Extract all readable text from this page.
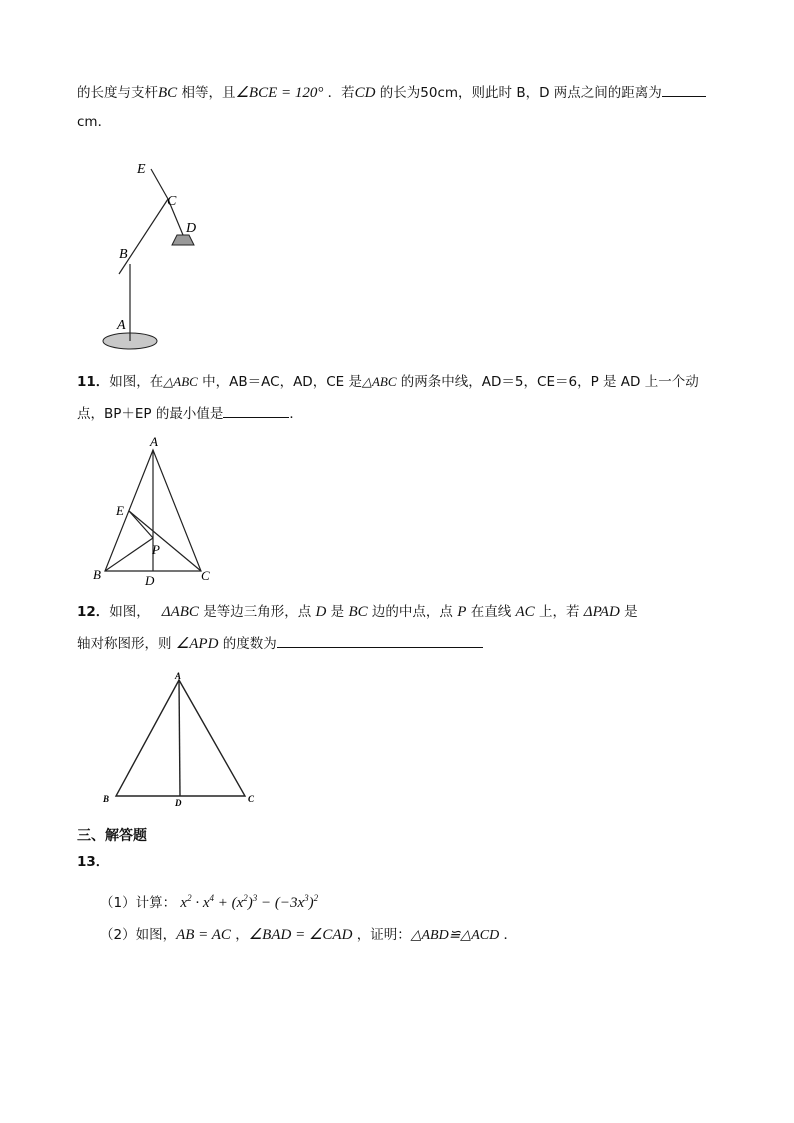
的长度与支杆BC 相等，且∠BCE = 120° ．若CD 的长为50cm，则此时 B，D 两点之间的距离为
cm．
E
C
D
B
A
11．如图，在△ABC 中，AB＝AC，AD，CE 是△ABC 的两条中线，AD＝5，CE＝6，P 是 AD 上一个动
点，BP＋EP 的最小值是	．
A
E
P
B	D	C
12．如图， ΔABC 是等边三角形，点 D 是 BC 边的中点，点 P 在直线 AC 上，若 ΔPAD 是
轴对称图形，则 ∠APD 的度数为
A
B	D	C
三、解答题
13．
（1）计算： $x^2 \cdot x^4 + (x^2)^3 - (-3x^3)^2$
（2）如图，AB = AC ，∠BAD = ∠CAD ，证明：△ABD≌△ACD ．
